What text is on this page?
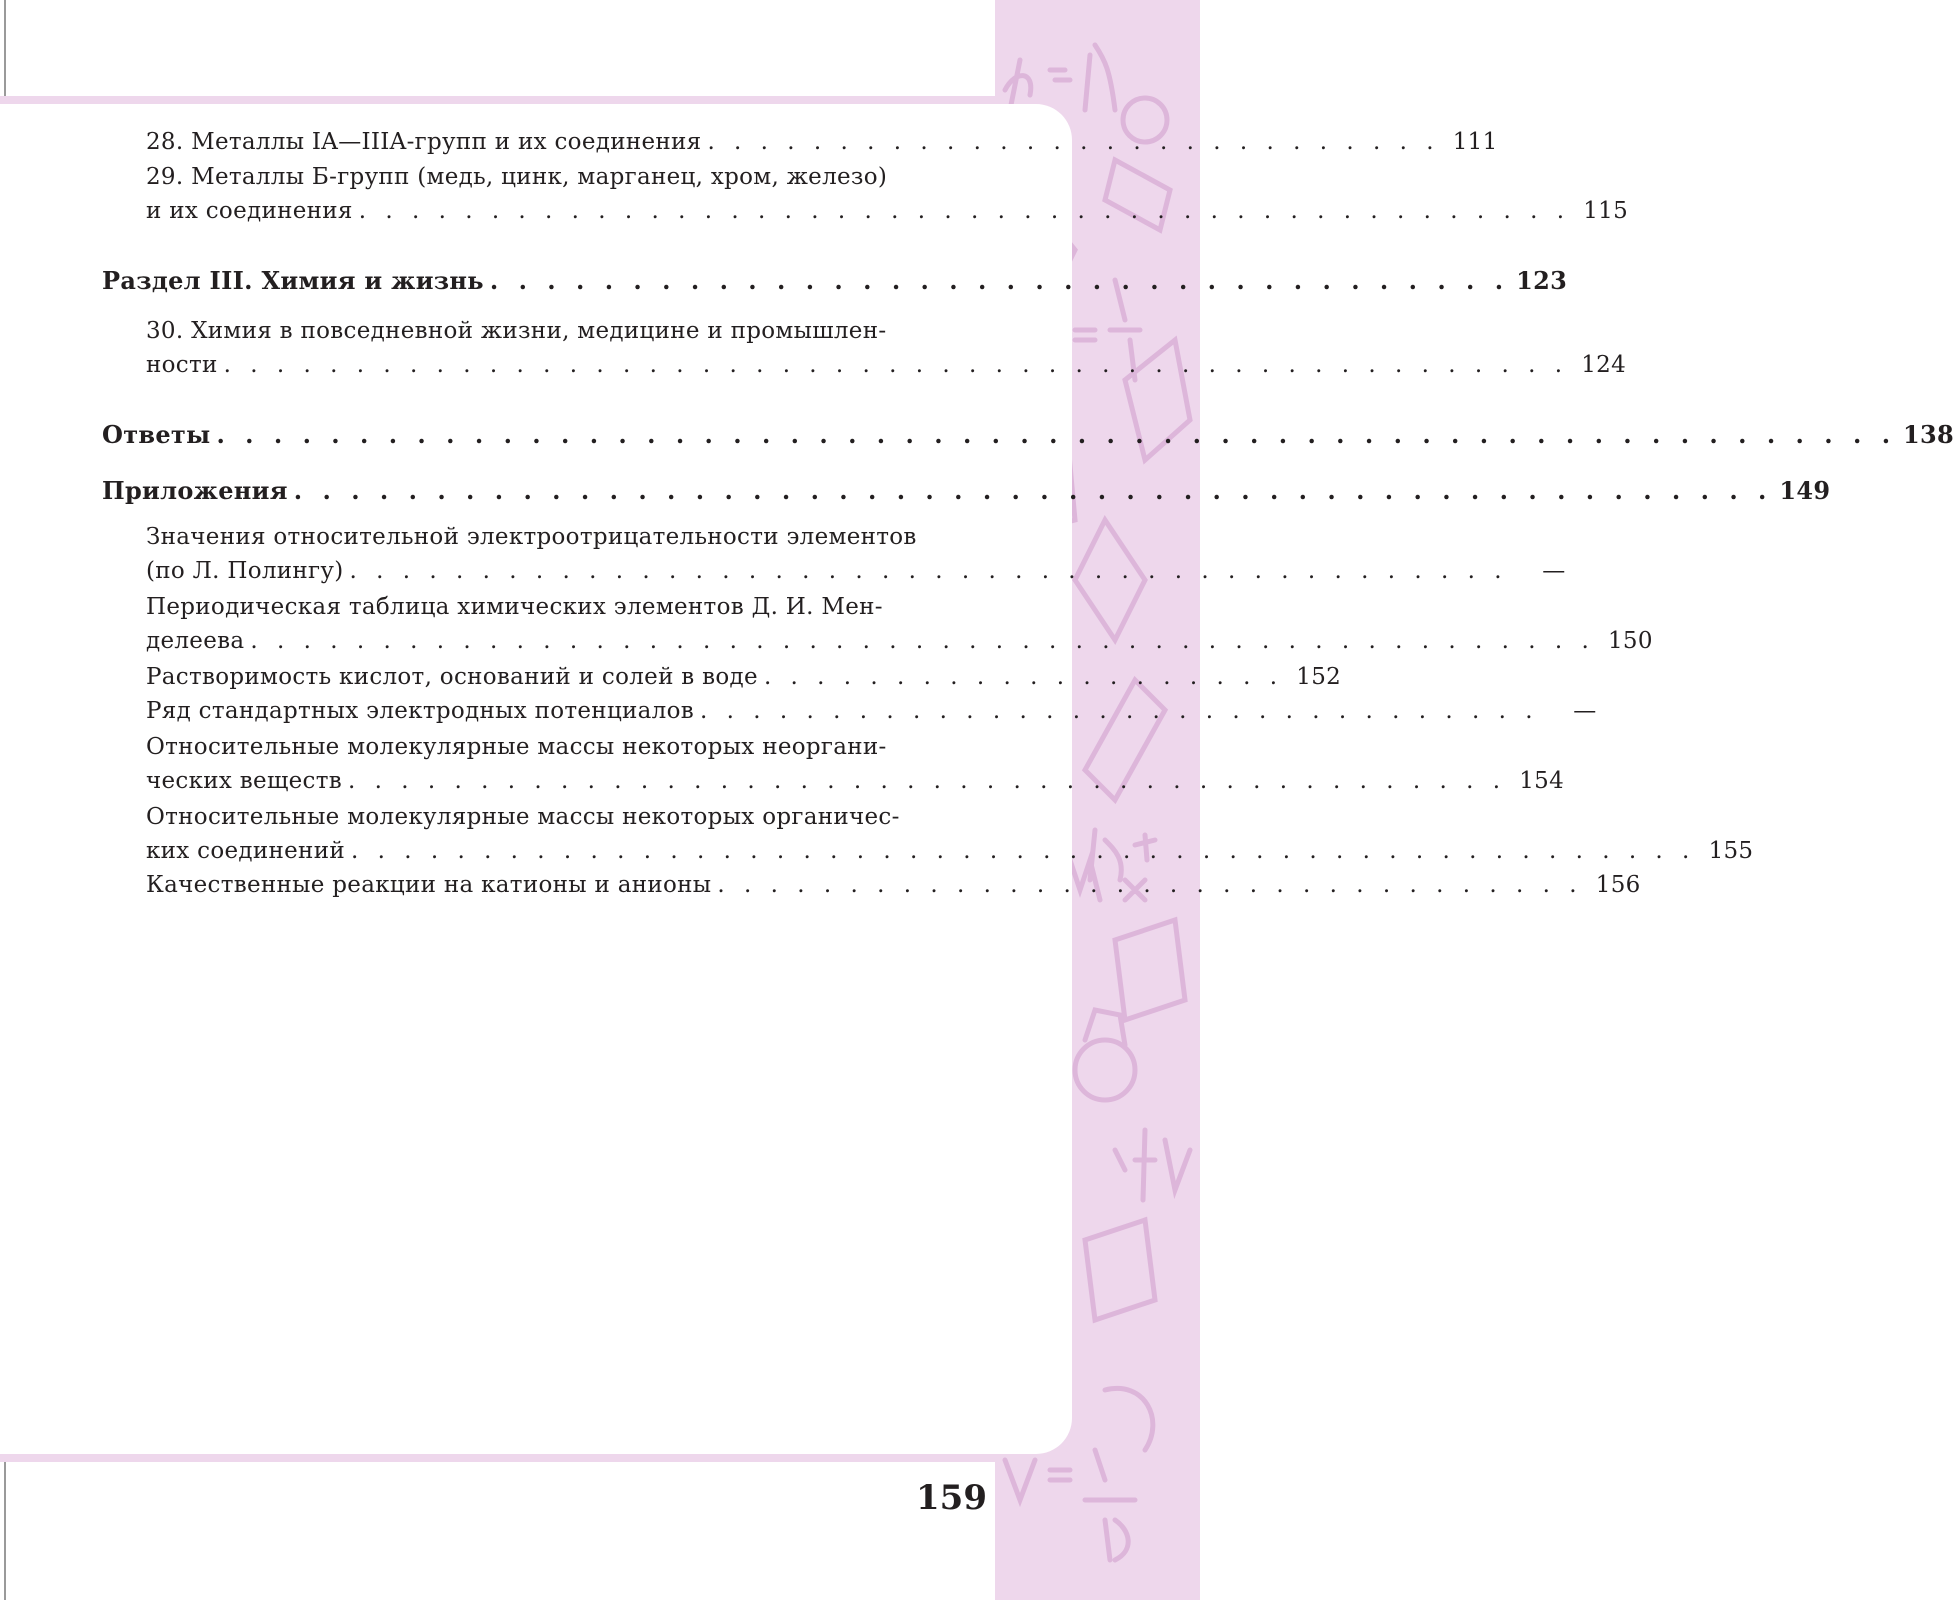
28. Металлы IA—IIIA-групп и их соединения . . . . . . . . . . . . . . . . . . . . . . . . . . . . 111
29. Металлы Б-групп (медь, цинк, марганец, хром, железо)
и их соединения . . . . . . . . . . . . . . . . . . . . . . . . . . . . . . . . . . . . . . . . . . . . . . 115
Раздел III. Химия и жизнь . . . . . . . . . . . . . . . . . . . . . . . . . . . . . . . . . . . . 123
30. Химия в повседневной жизни, медицине и промышлен-
ности . . . . . . . . . . . . . . . . . . . . . . . . . . . . . . . . . . . . . . . . . . . . . . . . . . . 124
Ответы . . . . . . . . . . . . . . . . . . . . . . . . . . . . . . . . . . . . . . . . . . . . . . . . . . . . . . . . . . . 138
Приложения . . . . . . . . . . . . . . . . . . . . . . . . . . . . . . . . . . . . . . . . . . . . . . . . . . . . 149
Значения относительной электроотрицательности элементов
(по Л. Полингу) . . . . . . . . . . . . . . . . . . . . . . . . . . . . . . . . . . . . . . . . . . . .	—
Периодическая таблица химических элементов Д. И. Мен-
делеева . . . . . . . . . . . . . . . . . . . . . . . . . . . . . . . . . . . . . . . . . . . . . . . . . . . 150
Растворимость кислот, оснований и солей в воде . . . . . . . . . . . . . . . . . . . . 152
Ряд стандартных электродных потенциалов . . . . . . . . . . . . . . . . . . . . . . . . . . . . . . . .	—
Относительные молекулярные массы некоторых неоргани-
ческих веществ . . . . . . . . . . . . . . . . . . . . . . . . . . . . . . . . . . . . . . . . . . . . 154
Относительные молекулярные массы некоторых органичес-
ких соединений . . . . . . . . . . . . . . . . . . . . . . . . . . . . . . . . . . . . . . . . . . . . . . . . . . . 155
Качественные реакции на катионы и анионы . . . . . . . . . . . . . . . . . . . . . . . . . . . . . . . . . 156
159
